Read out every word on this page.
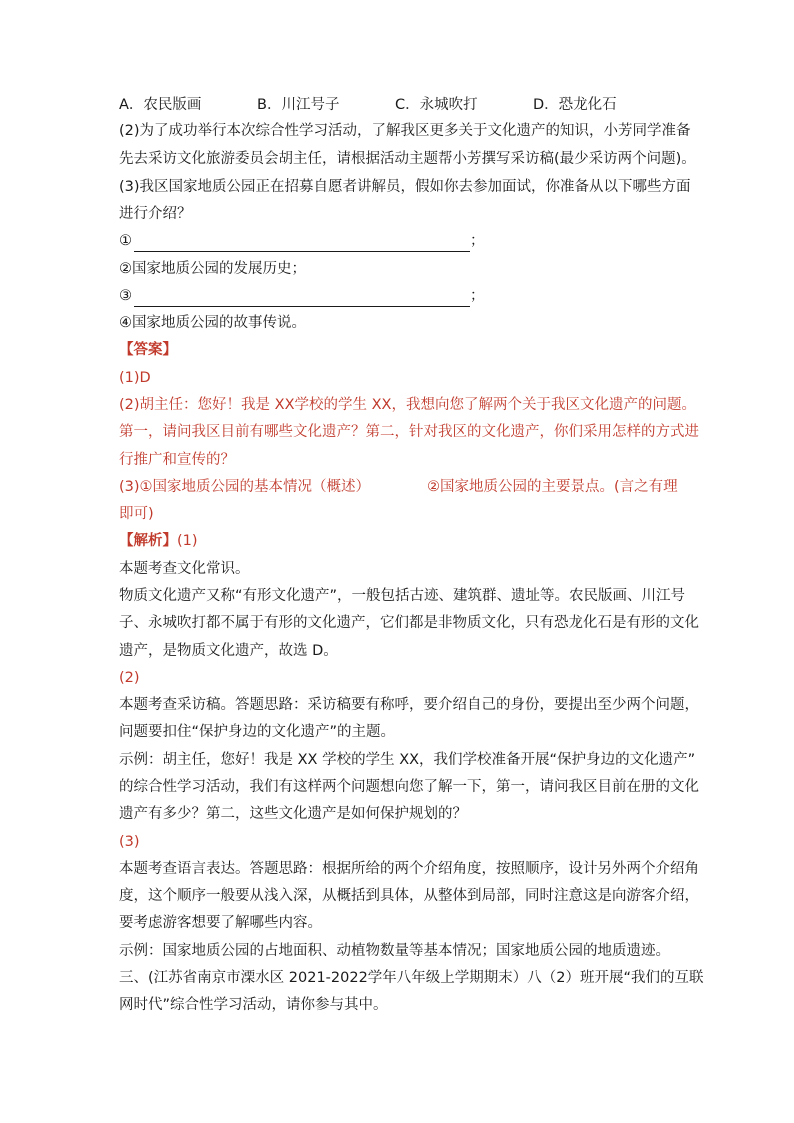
A．农民版画	B．川江号子	C．永城吹打	D．恐龙化石
(2)为了成功举行本次综合性学习活动，了解我区更多关于文化遗产的知识，小芳同学准备
先去采访文化旅游委员会胡主任，请根据活动主题帮小芳撰写采访稿(最少采访两个问题)。
(3)我区国家地质公园正在招募自愿者讲解员，假如你去参加面试，你准备从以下哪些方面
进行介绍？
①	；
②国家地质公园的发展历史；
③	；
④国家地质公园的故事传说。
【答案】
(1)D
(2)胡主任：您好！我是 XX学校的学生 XX，我想向您了解两个关于我区文化遗产的问题。
第一，请问我区目前有哪些文化遗产？第二，针对我区的文化遗产，你们采用怎样的方式进
行推广和宣传的？
(3)①国家地质公园的基本情况（概述）	②国家地质公园的主要景点。(言之有理
即可)
【解析】(1)
本题考查文化常识。
物质文化遗产又称“有形文化遗产”，一般包括古迹、建筑群、遗址等。农民版画、川江号
子、永城吹打都不属于有形的文化遗产，它们都是非物质文化，只有恐龙化石是有形的文化
遗产，是物质文化遗产，故选 D。
(2)
本题考查采访稿。答题思路：采访稿要有称呼，要介绍自己的身份，要提出至少两个问题，
问题要扣住“保护身边的文化遗产”的主题。
示例：胡主任，您好！我是 XX 学校的学生 XX，我们学校准备开展“保护身边的文化遗产”
的综合性学习活动，我们有这样两个问题想向您了解一下，第一，请问我区目前在册的文化
遗产有多少？第二，这些文化遗产是如何保护规划的？
(3)
本题考查语言表达。答题思路：根据所给的两个介绍角度，按照顺序，设计另外两个介绍角
度，这个顺序一般要从浅入深，从概括到具体，从整体到局部，同时注意这是向游客介绍，
要考虑游客想要了解哪些内容。
示例：国家地质公园的占地面积、动植物数量等基本情况；国家地质公园的地质遗迹。
三、(江苏省南京市溧水区 2021-2022学年八年级上学期期末）八（2）班开展“我们的互联
网时代”综合性学习活动，请你参与其中。
